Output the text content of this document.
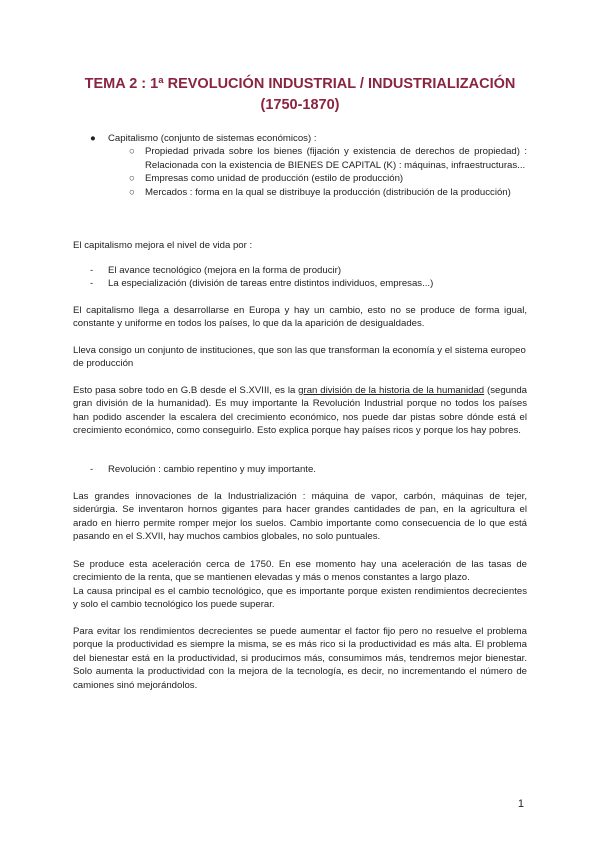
TEMA 2 : 1ª REVOLUCIÓN INDUSTRIAL / INDUSTRIALIZACIÓN
(1750-1870)
● Capitalismo (conjunto de sistemas económicos) :
○ Propiedad privada sobre los bienes (fijación y existencia de derechos de propiedad) : Relacionada con la existencia de BIENES DE CAPITAL (K) : máquinas, infraestructuras...
○ Empresas como unidad de producción (estilo de producción)
○ Mercados : forma en la qual se distribuye la producción (distribución de la producción)
El capitalismo mejora el nivel de vida por :
- El avance tecnológico (mejora en la forma de producir)
- La especialización (división de tareas entre distintos individuos, empresas...)
El capitalismo llega a desarrollarse en Europa y hay un cambio, esto no se produce de forma igual, constante y uniforme en todos los países, lo que da la aparición de desigualdades.
Lleva consigo un conjunto de instituciones, que son las que transforman la economía y el sistema europeo de producción
Esto pasa sobre todo en G.B desde el S.XVIII, es la gran división de la historia de la humanidad (segunda gran división de la humanidad). Es muy importante la Revolución Industrial porque no todos los países han podido ascender la escalera del crecimiento económico, nos puede dar pistas sobre dónde está el crecimiento económico, como conseguirlo. Esto explica porque hay países ricos y porque los hay pobres.
- Revolución : cambio repentino y muy importante.
Las grandes innovaciones de la Industrialización : máquina de vapor, carbón, máquinas de tejer, siderúrgia. Se inventaron hornos gigantes para hacer grandes cantidades de pan, en la agricultura el arado en hierro permite romper mejor los suelos. Cambio importante como consecuencia de lo que está pasando en el S.XVII, hay muchos cambios globales, no solo puntuales.
Se produce esta aceleración cerca de 1750. En ese momento hay una aceleración de las tasas de crecimiento de la renta, que se mantienen elevadas y más o menos constantes a largo plazo.
La causa principal es el cambio tecnológico, que es importante porque existen rendimientos decrecientes y solo el cambio tecnológico los puede superar.
Para evitar los rendimientos decrecientes se puede aumentar el factor fijo pero no resuelve el problema porque la productividad es siempre la misma, se es más rico si la productividad es más alta. El problema del bienestar está en la productividad, si producimos más, consumimos más, tendremos mejor bienestar. Solo aumenta la productividad con la mejora de la tecnología, es decir, no incrementando el número de camiones sinó mejorándolos.
1
